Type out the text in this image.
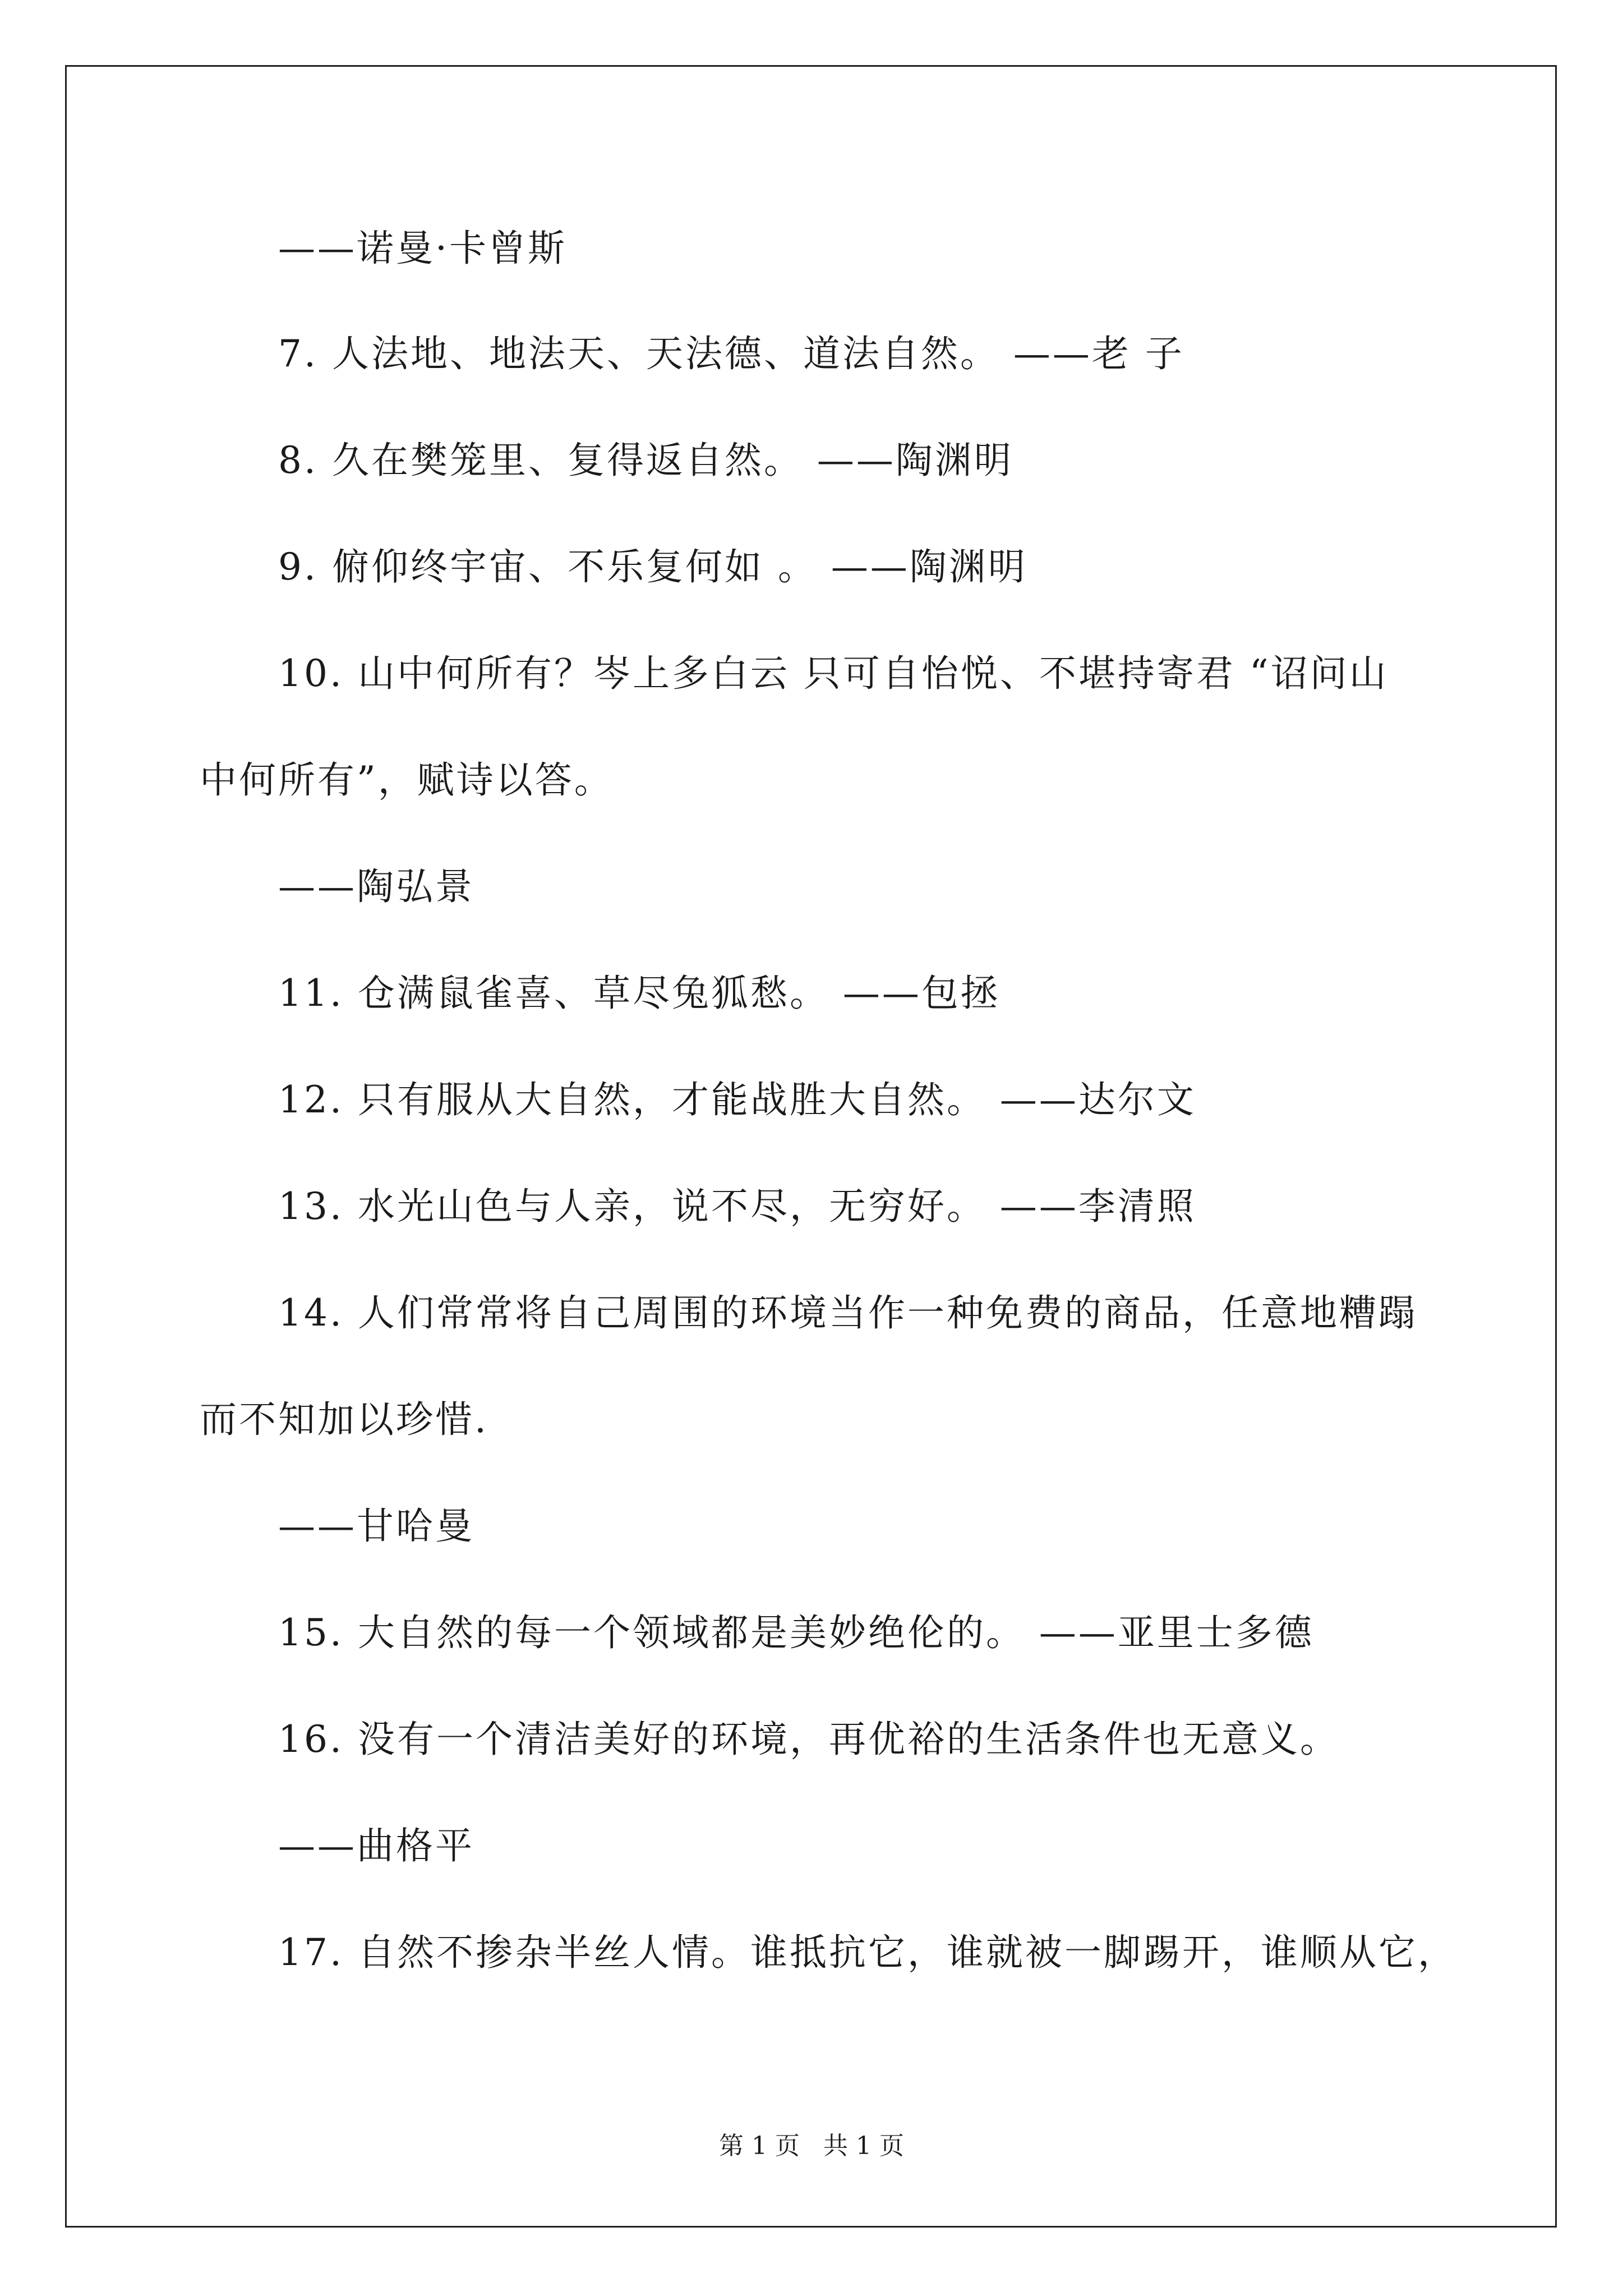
——诺曼·卡曾斯
7. 人法地、地法天、天法德、道法自然。 ——老 子
8. 久在樊笼里、复得返自然。 ——陶渊明
9. 俯仰终宇宙、不乐复何如 。 ——陶渊明
10. 山中何所有？岑上多白云 只可自怡悦、不堪持寄君 “诏问山
中何所有”，赋诗以答。
——陶弘景
11. 仓满鼠雀喜、草尽兔狐愁。 ——包拯
12. 只有服从大自然，才能战胜大自然。 ——达尔文
13. 水光山色与人亲，说不尽，无穷好。 ——李清照
14. 人们常常将自己周围的环境当作一种免费的商品，任意地糟蹋
而不知加以珍惜.
——甘哈曼
15. 大自然的每一个领域都是美妙绝伦的。 ——亚里士多德
16. 没有一个清洁美好的环境，再优裕的生活条件也无意义。
——曲格平
17. 自然不掺杂半丝人情。谁抵抗它，谁就被一脚踢开，谁顺从它，
第 1 页   共 1 页
